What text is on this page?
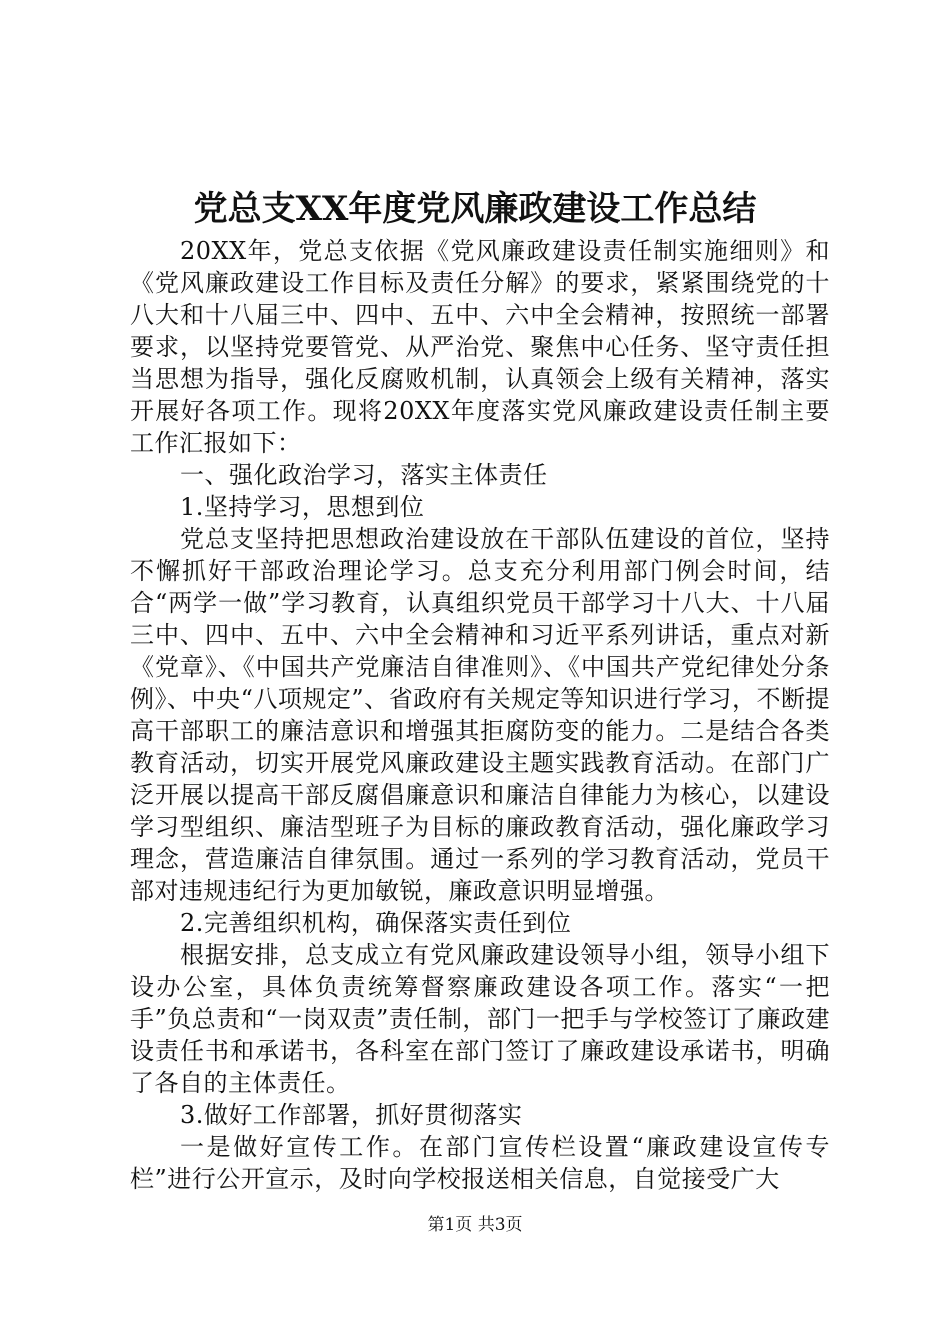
党总支XX年度党风廉政建设工作总结

20XX年，党总支依据《党风廉政建设责任制实施细则》和《党风廉政建设工作目标及责任分解》的要求，紧紧围绕党的十八大和十八届三中、四中、五中、六中全会精神，按照统一部署要求，以坚持党要管党、从严治党、聚焦中心任务、坚守责任担当思想为指导，强化反腐败机制，认真领会上级有关精神，落实开展好各项工作。现将20XX年度落实党风廉政建设责任制主要工作汇报如下：

一、强化政治学习，落实主体责任

1.坚持学习，思想到位

党总支坚持把思想政治建设放在干部队伍建设的首位，坚持不懈抓好干部政治理论学习。总支充分利用部门例会时间，结合“两学一做”学习教育，认真组织党员干部学习十八大、十八届三中、四中、五中、六中全会精神和习近平系列讲话，重点对新《党章》、《中国共产党廉洁自律准则》、《中国共产党纪律处分条例》、中央“八项规定”、省政府有关规定等知识进行学习，不断提高干部职工的廉洁意识和增强其拒腐防变的能力。二是结合各类教育活动，切实开展党风廉政建设主题实践教育活动。在部门广泛开展以提高干部反腐倡廉意识和廉洁自律能力为核心，以建设学习型组织、廉洁型班子为目标的廉政教育活动，强化廉政学习理念，营造廉洁自律氛围。通过一系列的学习教育活动，党员干部对违规违纪行为更加敏锐，廉政意识明显增强。

2.完善组织机构，确保落实责任到位

根据安排，总支成立有党风廉政建设领导小组，领导小组下设办公室，具体负责统筹督察廉政建设各项工作。落实“一把手”负总责和“一岗双责”责任制，部门一把手与学校签订了廉政建设责任书和承诺书，各科室在部门签订了廉政建设承诺书，明确了各自的主体责任。

3.做好工作部署，抓好贯彻落实

一是做好宣传工作。在部门宣传栏设置“廉政建设宣传专栏”进行公开宣示，及时向学校报送相关信息，自觉接受广大

第1页 共3页
